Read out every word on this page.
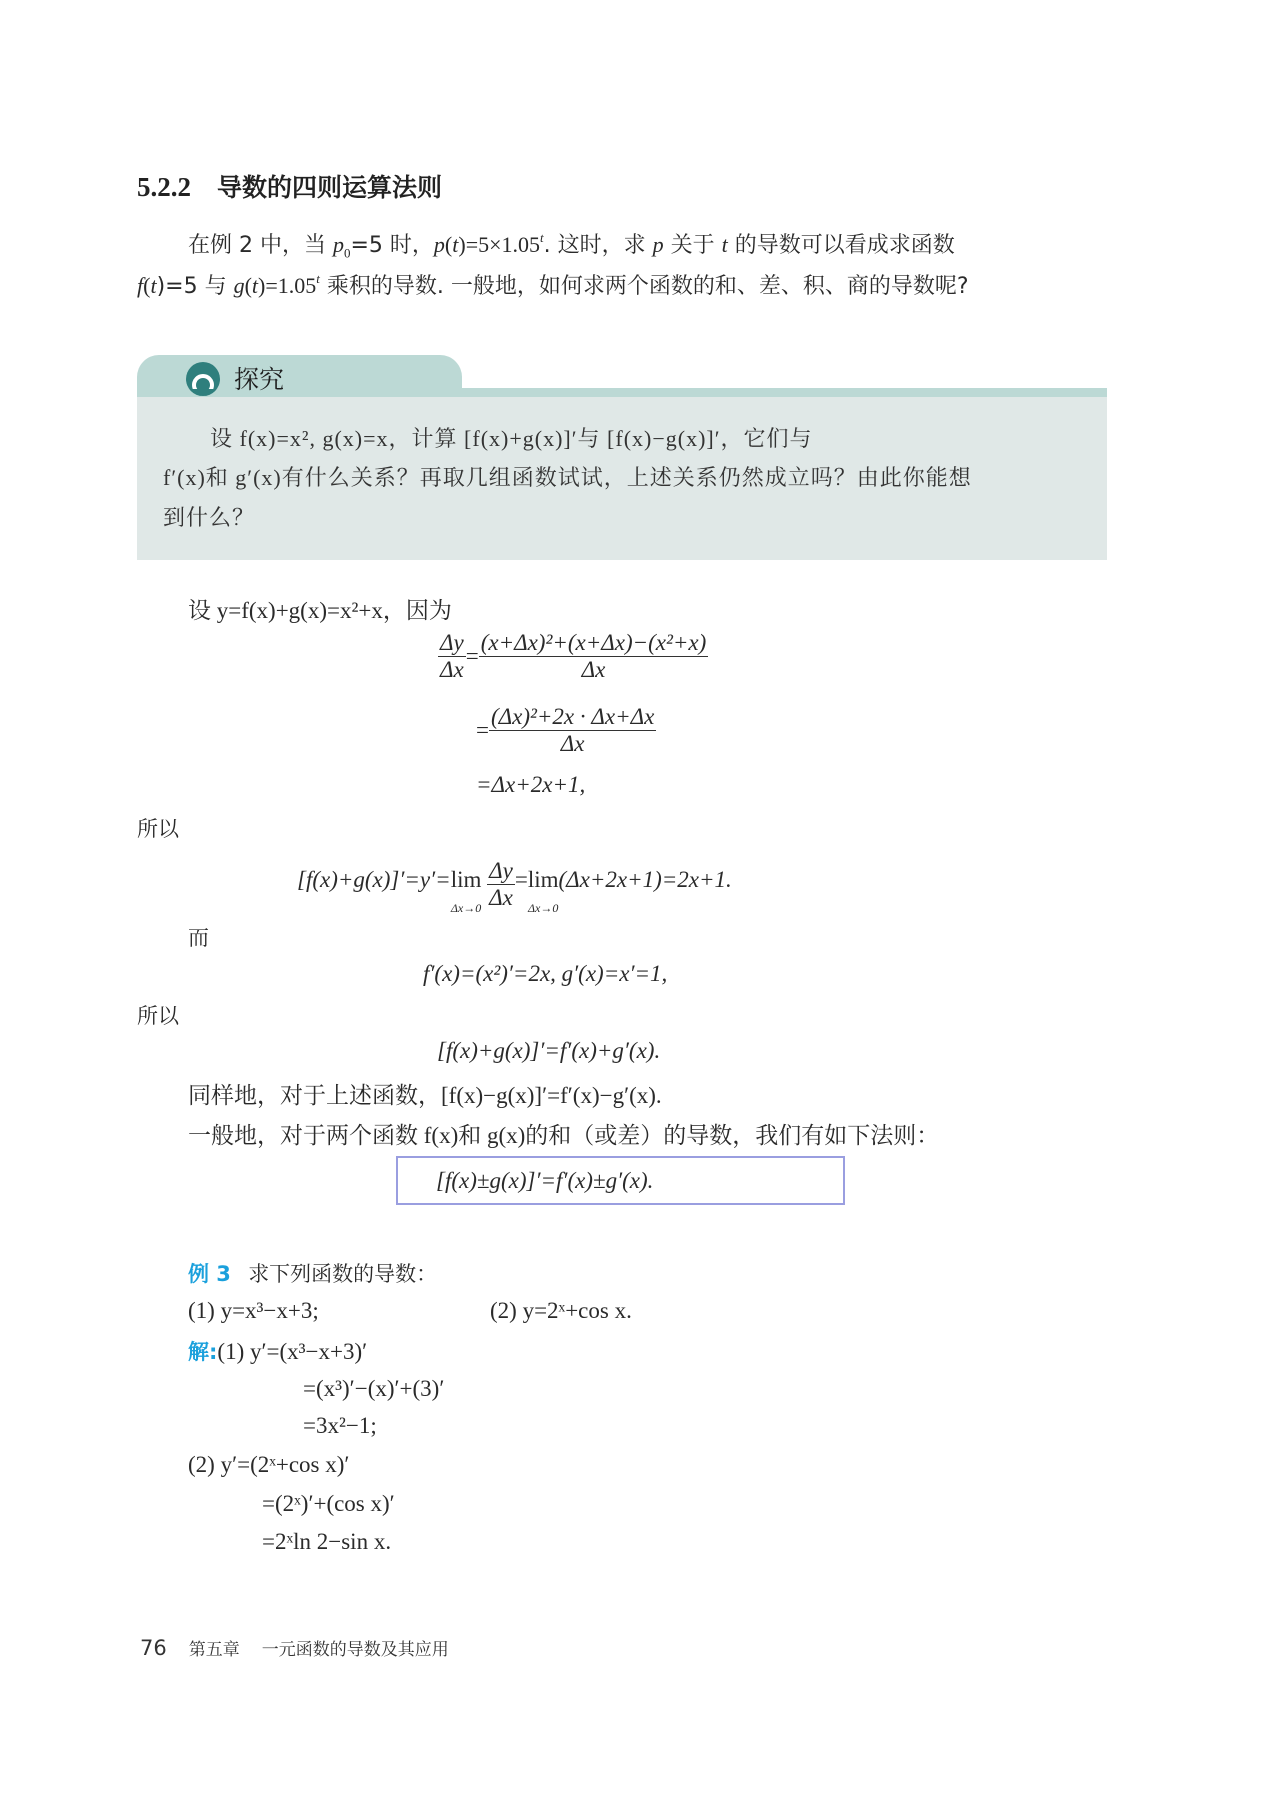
5.2.2 导数的四则运算法则
在例 2 中，当 $p_0=5$ 时，$p(t)=5\times 1.05^t$. 这时，求 p 关于 t 的导数可以看成求函数
f(t)=5 与 $g(t)=1.05^t$ 乘积的导数. 一般地，如何求两个函数的和、差、积、商的导数呢?
探究
设 f(x)=x², g(x)=x，计算 [f(x)+g(x)]′与 [f(x)−g(x)]′，它们与
f′(x)和 g′(x)有什么关系？再取几组函数试试，上述关系仍然成立吗？由此你能想
到什么？
设 y=f(x)+g(x)=x²+x，因为
$\frac{\Delta y}{\Delta x} = \frac{\text{(x+Δx)²+(x+Δx)−(x²+x)}}{\Delta x}$
= $\frac{\text{(Δx)²+2x · Δx+Δx}}{\Delta x}$
=Δx+2x+1,
所以
[f(x)+g(x)]′=y′=lim
Δx→0
$\frac{\Delta y}{\Delta x} =\lim$
Δx→0
(Δx+2x+1)=2x+1.
而
f′(x)=(x²)′=2x, g′(x)=x′=1,
所以
[f(x)+g(x)]′=f′(x)+g′(x).
同样地，对于上述函数，[f(x)−g(x)]′=f′(x)−g′(x).
一般地，对于两个函数 f(x)和 g(x)的和（或差）的导数，我们有如下法则：
[f(x)±g(x)]′=f′(x)±g′(x).
例 3 求下列函数的导数：
(1) y=x³−x+3;	(2) y=2ˣ+cos x.
解:(1) y′=(x³−x+3)′
=(x³)′−(x)′+(3)′
=3x²−1;
(2) y′=(2ˣ+cos x)′
=(2ˣ)′+(cos x)′
=2ˣln 2−sin x.
76 第五章 一元函数的导数及其应用
